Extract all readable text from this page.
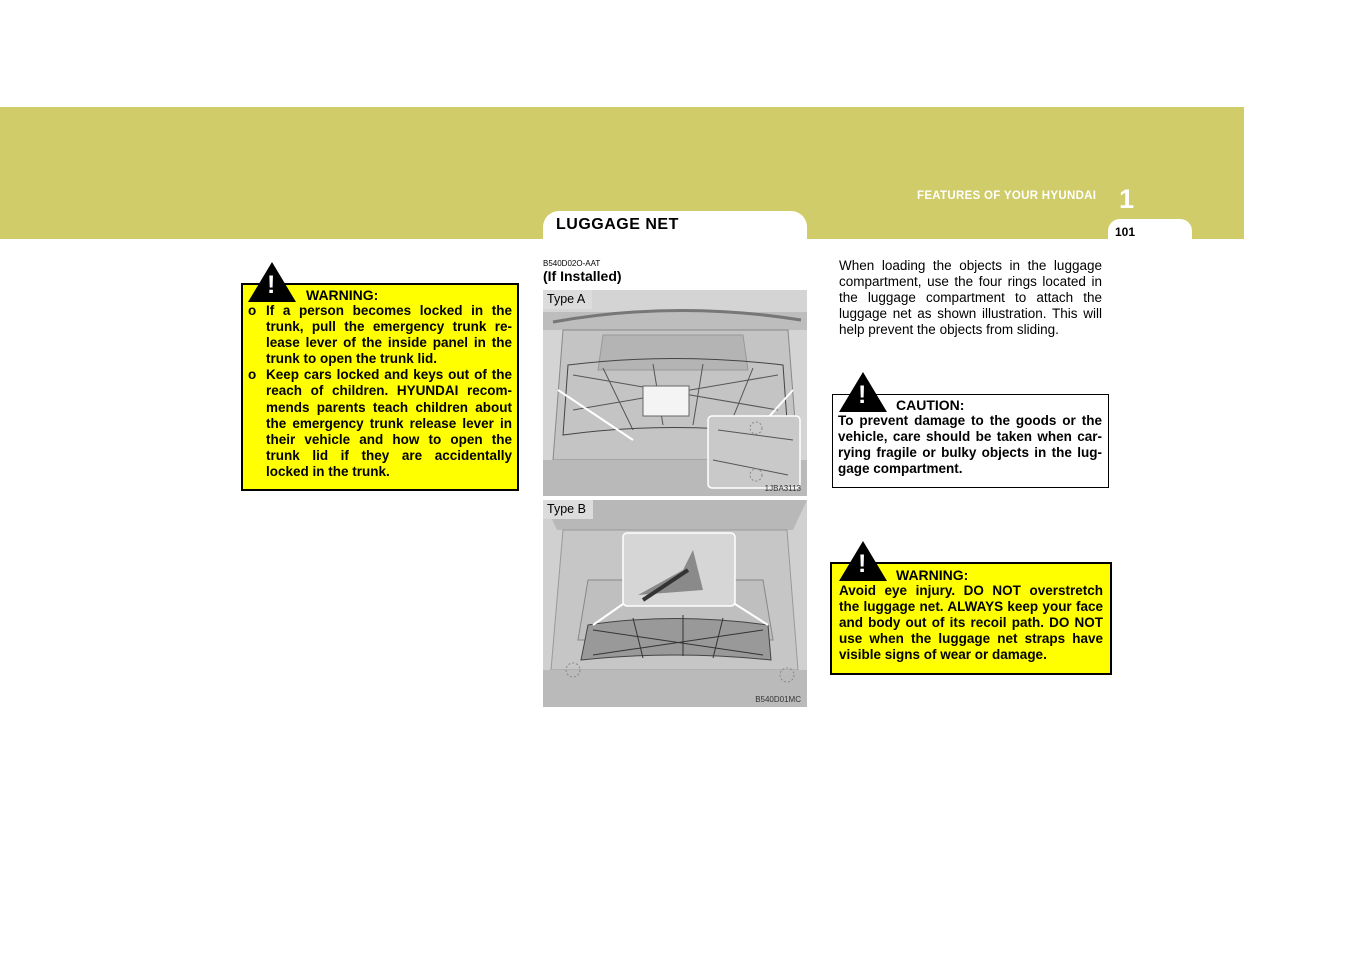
FEATURES OF YOUR HYUNDAI 1
101
LUGGAGE NET
WARNING:
o If a person becomes locked in the trunk, pull the emergency trunk re-lease lever of the inside panel in the trunk to open the trunk lid.
o Keep cars locked and keys out of the reach of children. HYUNDAI recom-mends parents teach children about the emergency trunk release lever in their vehicle and how to open the trunk lid if they are accidentally locked in the trunk.
!
B540D02O-AAT
(If Installed)
Type A
1JBA3113
Type B
B540D01MC
When loading the objects in the luggage compartment, use the four rings located in the luggage compartment to attach the luggage net as shown illustration. This will help prevent the objects from sliding.
CAUTION:
To prevent damage to the goods or the vehicle, care should be taken when car-rying fragile or bulky objects in the lug-gage compartment.
!
WARNING:
Avoid eye injury. DO NOT overstretch the luggage net. ALWAYS keep your face and body out of its recoil path. DO NOT use when the luggage net straps have visible signs of wear or damage.
!
